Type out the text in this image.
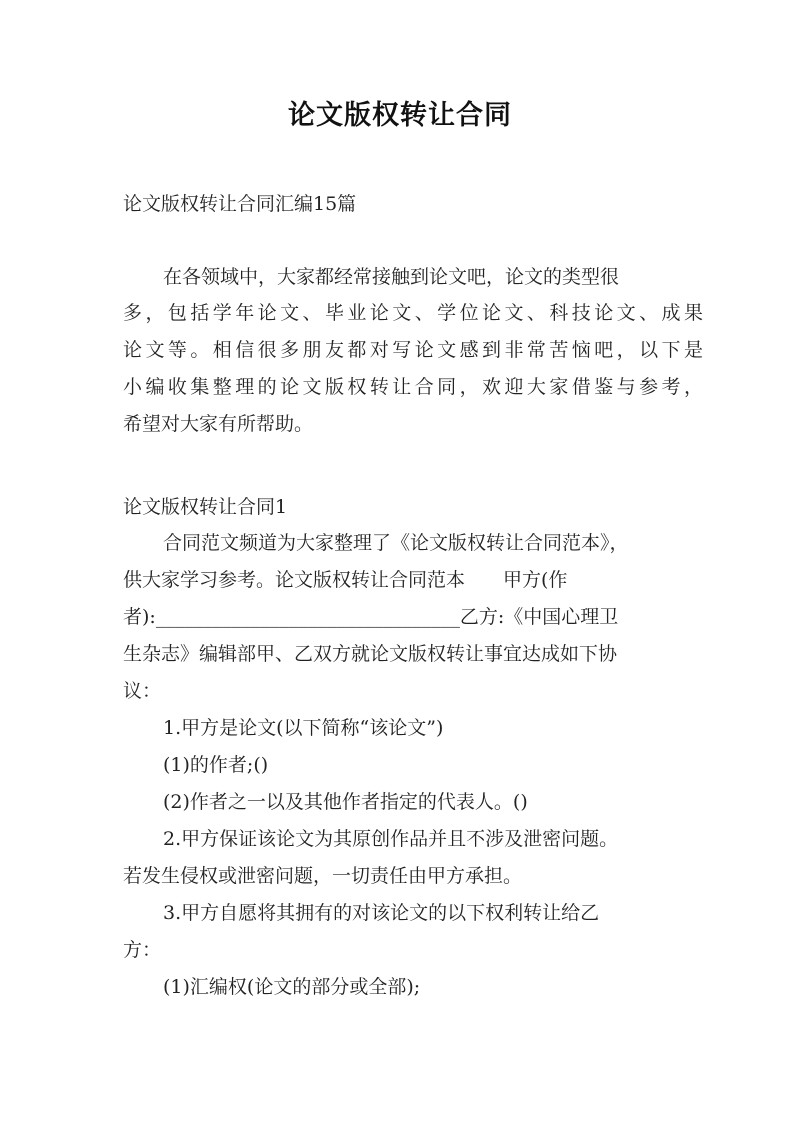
论文版权转让合同
论文版权转让合同汇编15篇
在各领域中，大家都经常接触到论文吧，论文的类型很
多，包括学年论文、毕业论文、学位论文、科技论文、成果
论文等。相信很多朋友都对写论文感到非常苦恼吧，以下是
小编收集整理的论文版权转让合同，欢迎大家借鉴与参考，
希望对大家有所帮助。
论文版权转让合同1
合同范文频道为大家整理了《论文版权转让合同范本》，
供大家学习参考。论文版权转让合同范本　　甲方(作
者):________________________________乙方:《中国心理卫
生杂志》编辑部甲、乙双方就论文版权转让事宜达成如下协
议：
1.甲方是论文(以下简称“该论文”)
(1)的作者;()
(2)作者之一以及其他作者指定的代表人。()
2.甲方保证该论文为其原创作品并且不涉及泄密问题。
若发生侵权或泄密问题，一切责任由甲方承担。
3.甲方自愿将其拥有的对该论文的以下权利转让给乙
方：
(1)汇编权(论文的部分或全部);
